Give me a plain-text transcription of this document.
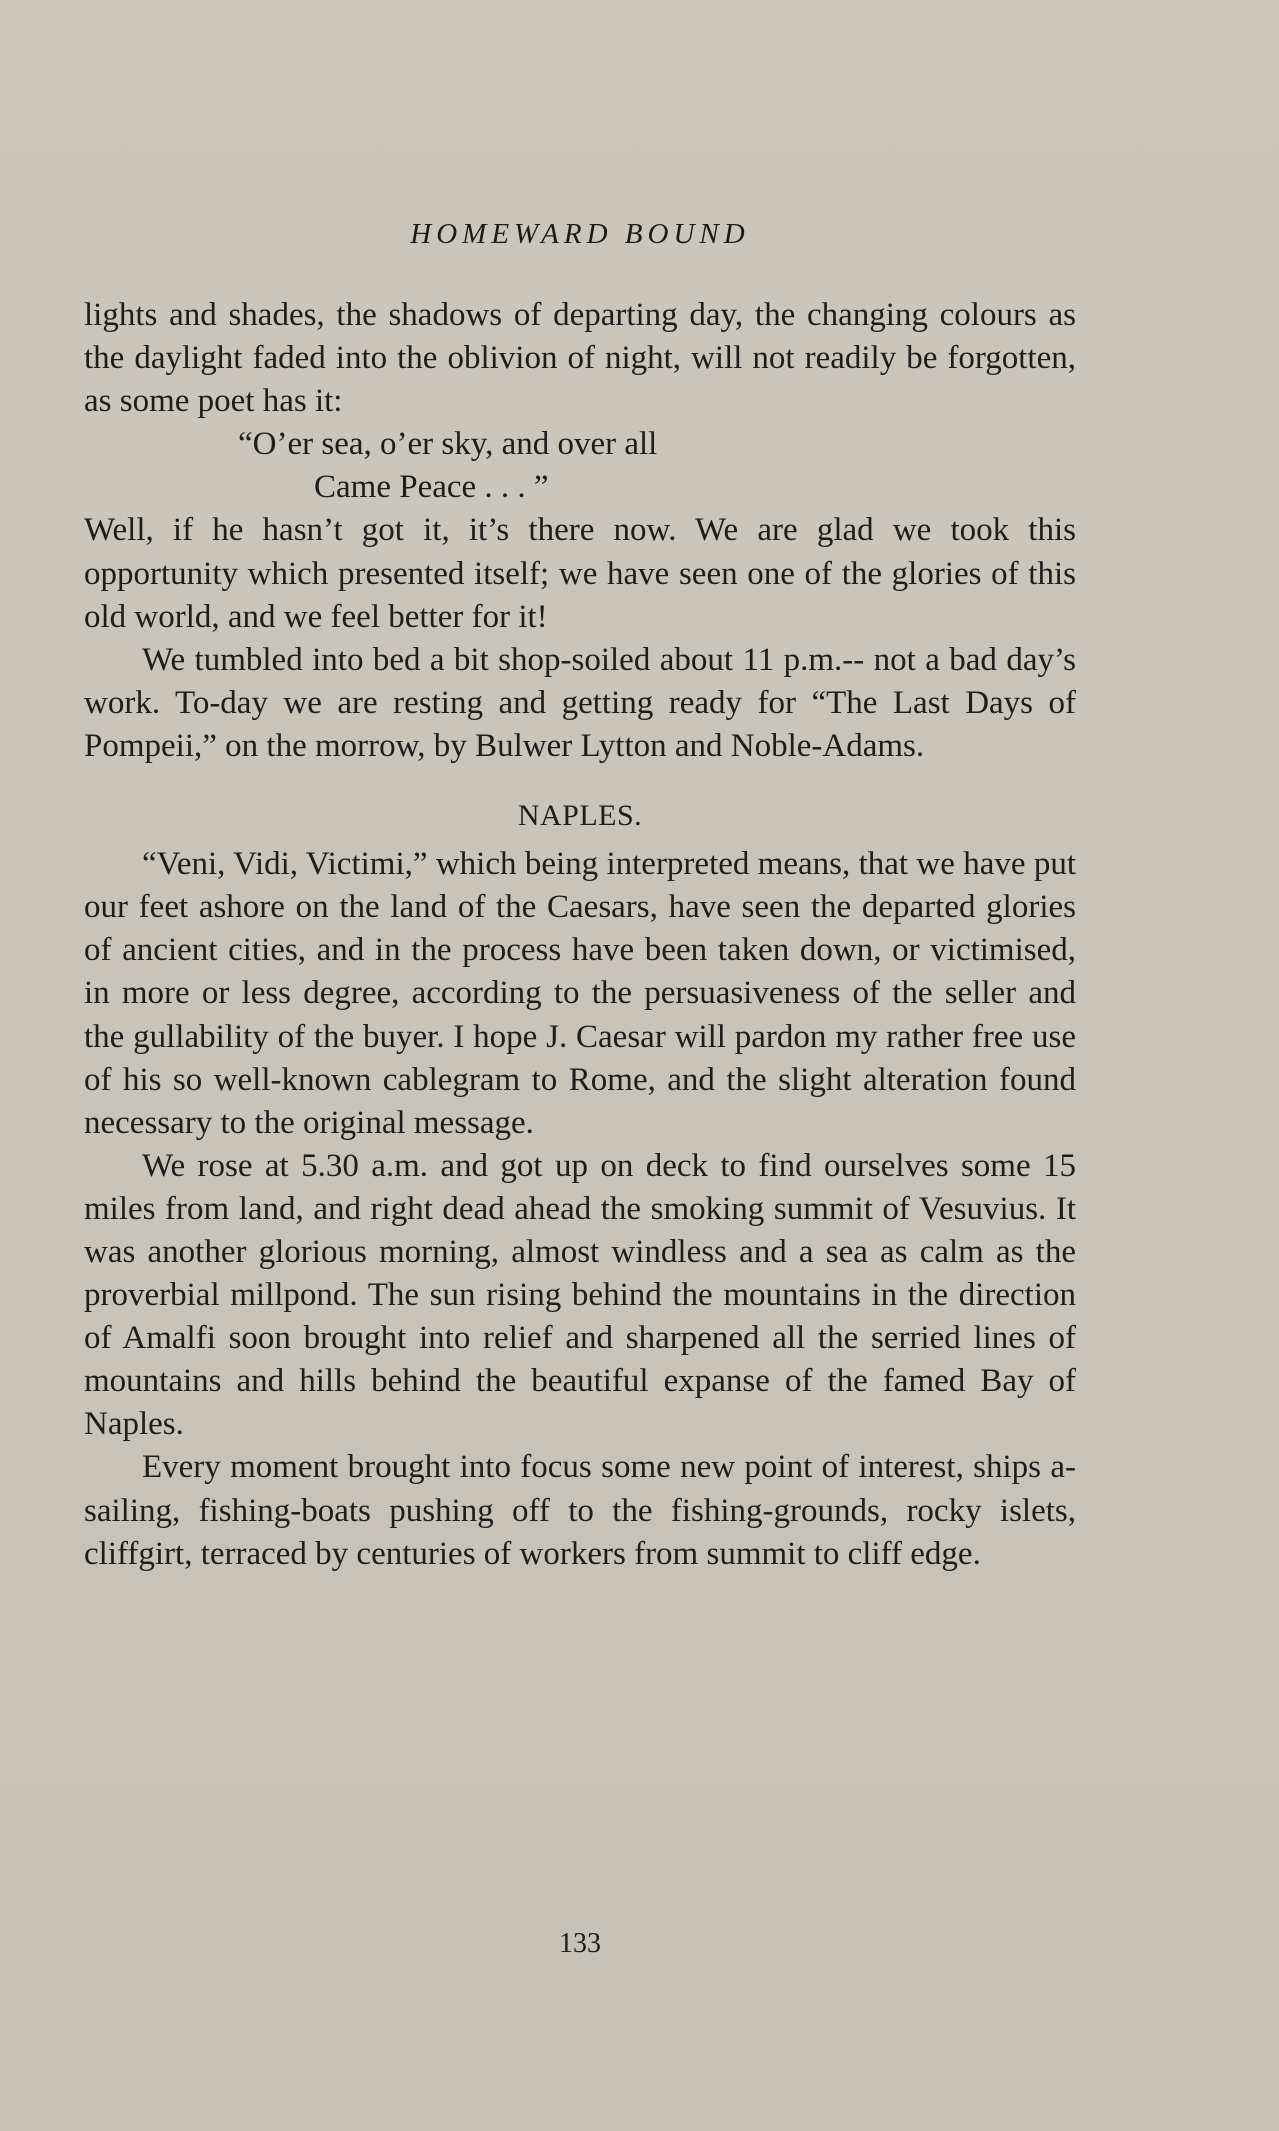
HOMEWARD BOUND

lights and shades, the shadows of departing day, the changing colours as the daylight faded into the oblivion of night, will not readily be forgotten, as some poet has it:

“O’er sea, o’er sky, and over all
Came Peace . . . ”

Well, if he hasn’t got it, it’s there now. We are glad we took this opportunity which presented itself; we have seen one of the glories of this old world, and we feel better for it!

We tumbled into bed a bit shop-soiled about 11 p.m.-- not a bad day’s work. To-day we are resting and getting ready for “The Last Days of Pompeii,” on the morrow, by Bulwer Lytton and Noble-Adams.

NAPLES.

“Veni, Vidi, Victimi,” which being interpreted means, that we have put our feet ashore on the land of the Caesars, have seen the departed glories of ancient cities, and in the process have been taken down, or victimised, in more or less degree, according to the persuasiveness of the seller and the gullability of the buyer. I hope J. Caesar will pardon my rather free use of his so well-known cablegram to Rome, and the slight alteration found necessary to the original message.

We rose at 5.30 a.m. and got up on deck to find ourselves some 15 miles from land, and right dead ahead the smoking summit of Vesuvius. It was another glorious morning, almost windless and a sea as calm as the proverbial millpond. The sun rising behind the mountains in the direction of Amalfi soon brought into relief and sharpened all the serried lines of mountains and hills behind the beautiful expanse of the famed Bay of Naples.

Every moment brought into focus some new point of interest, ships a-sailing, fishing-boats pushing off to the fishing-grounds, rocky islets, cliffgirt, terraced by centuries of workers from summit to cliff edge.

133
